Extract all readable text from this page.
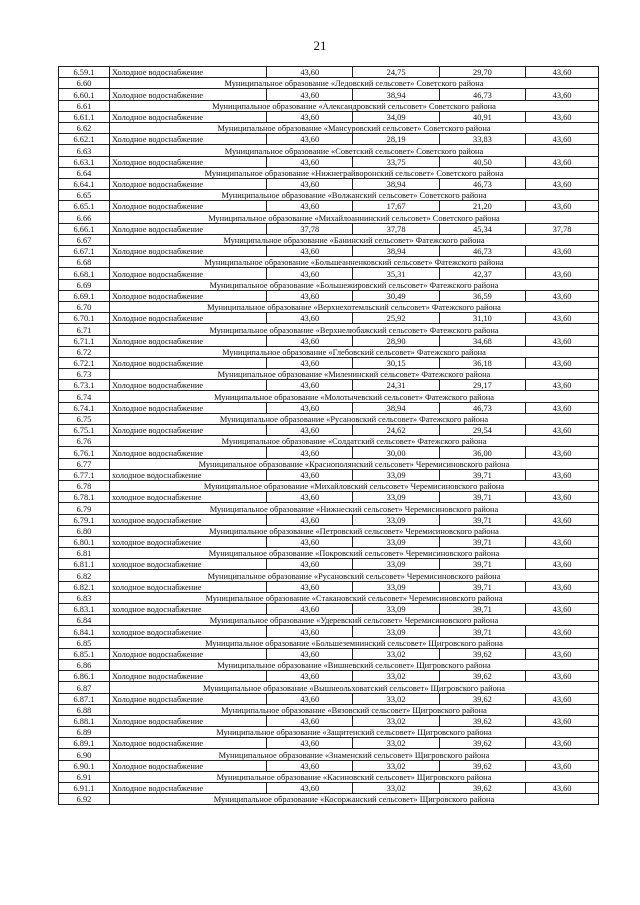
21
6.59.1	Холодное водоснабжение	43,60	24,75	29,70	43,60
6.60	Муниципальное образование «Ледовский сельсовет» Советского района				
6.60.1	Холодное водоснабжение	43,60	38,94	46,73	43,60
6.61	Муниципальное образование «Александровский сельсовет» Советского района				
6.61.1	Холодное водоснабжение	43,60	34,09	40,91	43,60
6.62	Муниципальное образование «Мансуровский сельсовет» Советского района				
6.62.1	Холодное водоснабжение	43,60	28,19	33,83	43,60
6.63	Муниципальное образование «Советский сельсовет» Советского района				
6.63.1	Холодное водоснабжение	43,60	33,75	40,50	43,60
6.64	Муниципальное образование «Нижнеграйворонский сельсовет» Советского района				
6.64.1	Холодное водоснабжение	43,60	38,94	46,73	43,60
6.65	Муниципальное образование «Волжанский сельсовет» Советского района				
6.65.1	Холодное водоснабжение	43,60	17,67	21,20	43,60
6.66	Муниципальное образование «Михайлоаннинский сельсовет» Советского района				
6.66.1	Холодное водоснабжение	37,78	37,78	45,34	37,78
6.67	Муниципальное образование «Банинский сельсовет» Фатежского района				
6.67.1	Холодное водоснабжение	43,60	38,94	46,73	43,60
6.68	Муниципальное образование «Большеанненковский сельсовет» Фатежского района				
6.68.1	Холодное водоснабжение	43,60	35,31	42,37	43,60
6.69	Муниципальное образование «Большежировский сельсовет» Фатежского района				
6.69.1	Холодное водоснабжение	43,60	30,49	36,59	43,60
6.70	Муниципальное образование «Верхнехотемльский сельсовет» Фатежского района				
6.70.1	Холодное водоснабжение	43,60	25,92	31,10	43,60
6.71	Муниципальное образование «Верхнелюбажский сельсовет» Фатежского района				
6.71.1	Холодное водоснабжение	43,60	28,90	34,68	43,60
6.72	Муниципальное образование «Глебовский сельсовет» Фатежского района				
6.72.1	Холодное водоснабжение	43,60	30,15	36,18	43,60
6.73	Муниципальное образование «Миленинский сельсовет» Фатежского района				
6.73.1	Холодное водоснабжение	43,60	24,31	29,17	43,60
6.74	Муниципальное образование «Молотычевский сельсовет» Фатежского района				
6.74.1	Холодное водоснабжение	43,60	38,94	46,73	43,60
6.75	Муниципальное образование «Русановский сельсовет» Фатежского района				
6.75.1	Холодное водоснабжение	43,60	24,62	29,54	43,60
6.76	Муниципальное образование «Солдатский сельсовет» Фатежского района				
6.76.1	Холодное водоснабжение	43,60	30,00	36,00	43,60
6.77	Муниципальное образование «Краснополянский сельсовет» Черемисиновского района				
6.77.1	холодное водоснабжение	43,60	33,09	39,71	43,60
6.78	Муниципальное образование «Михайловский сельсовет» Черемисиновского района				
6.78.1	холодное водоснабжение	43,60	33,09	39,71	43,60
6.79	Муниципальное образование «Нижнеский сельсовет» Черемисиновского района				
6.79.1	холодное водоснабжение	43,60	33,09	39,71	43,60
6.80	Муниципальное образование «Петровский сельсовет» Черемисиновского района				
6.80.1	холодное водоснабжение	43,60	33,09	39,71	43,60
6.81	Муниципальное образование «Покровский сельсовет» Черемисиновского района				
6.81.1	холодное водоснабжение	43,60	33,09	39,71	43,60
6.82	Муниципальное образование «Русановский сельсовет» Черемисиновского района				
6.82.1	холодное водоснабжение	43,60	33,09	39,71	43,60
6.83	Муниципальное образование «Стакановский сельсовет» Черемисиновского района				
6.83.1	холодное водоснабжение	43,60	33,09	39,71	43,60
6.84	Муниципальное образование «Удеревский сельсовет» Черемисиновского района				
6.84.1	холодное водоснабжение	43,60	33,09	39,71	43,60
6.85	Муниципальное образование «Большеземнинский сельсовет» Щигровского района				
6.85.1	Холодное водоснабжение	43,60	33,02	39,62	43,60
6.86	Муниципальное образование «Вишневский сельсовет» Щигровского района				
6.86.1	Холодное водоснабжение	43,60	33,02	39,62	43,60
6.87	Муниципальное образование «Вышнеольховатский сельсовет» Щигровского района				
6.87.1	Холодное водоснабжение	43,60	33,02	39,62	43,60
6.88	Муниципальное образование «Вязовский сельсовет» Щигровского района				
6.88.1	Холодное водоснабжение	43,60	33,02	39,62	43,60
6.89	Муниципальное образование «Защитенский сельсовет» Щигровского района				
6.89.1	Холодное водоснабжение	43,60	33,02	39,62	43,60
6.90	Муниципальное образование «Знаменский сельсовет» Щигровского района				
6.90.1	Холодное водоснабжение	43,60	33,02	39,62	43,60
6.91	Муниципальное образование «Касиновский сельсовет» Щигровского района				
6.91.1	Холодное водоснабжение	43,60	33,02	39,62	43,60
6.92	Муниципальное образование «Косоржанский сельсовет» Щигровского района				
